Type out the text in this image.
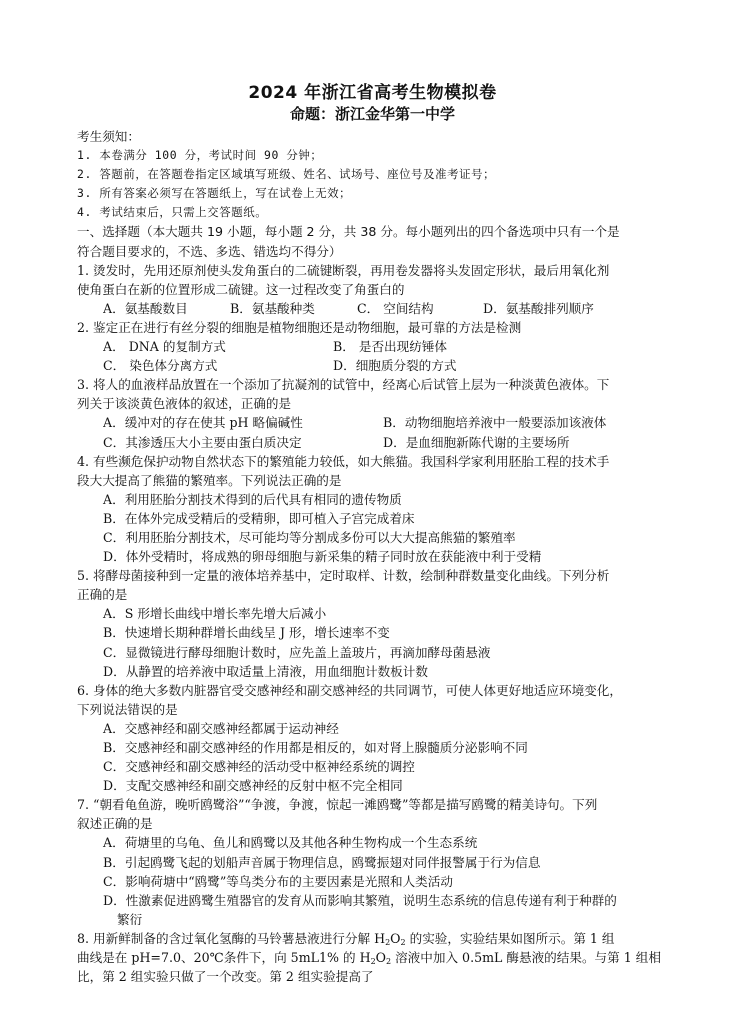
2024 年浙江省高考生物模拟卷
命题：浙江金华第一中学
考生须知：
1. 本卷满分 100 分，考试时间 90 分钟；
2. 答题前，在答题卷指定区域填写班级、姓名、试场号、座位号及准考证号；
3. 所有答案必须写在答题纸上，写在试卷上无效；
4. 考试结束后，只需上交答题纸。
一、选择题（本大题共 19 小题，每小题 2 分，共 38 分。每小题列出的四个备选项中只有一个是
符合题目要求的，不选、多选、错选均不得分）
1. 烫发时，先用还原剂使头发角蛋白的二硫键断裂，再用卷发器将头发固定形状，最后用氧化剂
使角蛋白在新的位置形成二硫键。这一过程改变了角蛋白的
A．氨基酸数目	B．氨基酸种类	C． 空间结构	D．氨基酸排列顺序
2. 鉴定正在进行有丝分裂的细胞是植物细胞还是动物细胞，最可靠的方法是检测
A． DNA 的复制方式	B． 是否出现纺锤体
C． 染色体分离方式	D．细胞质分裂的方式
3. 将人的血液样品放置在一个添加了抗凝剂的试管中，经离心后试管上层为一种淡黄色液体。下
列关于该淡黄色液体的叙述，正确的是
A．缓冲对的存在使其 pH 略偏碱性	B．动物细胞培养液中一般要添加该液体
C．其渗透压大小主要由蛋白质决定	D．是血细胞新陈代谢的主要场所
4. 有些濒危保护动物自然状态下的繁殖能力较低，如大熊猫。我国科学家利用胚胎工程的技术手
段大大提高了熊猫的繁殖率。下列说法正确的是
A．利用胚胎分割技术得到的后代具有相同的遗传物质
B．在体外完成受精后的受精卵，即可植入子宫完成着床
C．利用胚胎分割技术，尽可能均等分割成多份可以大大提高熊猫的繁殖率
D．体外受精时，将成熟的卵母细胞与新采集的精子同时放在获能液中利于受精
5. 将酵母菌接种到一定量的液体培养基中，定时取样、计数，绘制种群数量变化曲线。下列分析
正确的是
A．S 形增长曲线中增长率先增大后减小
B．快速增长期种群增长曲线呈 J 形，增长速率不变
C．显微镜进行酵母细胞计数时，应先盖上盖玻片，再滴加酵母菌悬液
D．从静置的培养液中取适量上清液，用血细胞计数板计数
6. 身体的绝大多数内脏器官受交感神经和副交感神经的共同调节，可使人体更好地适应环境变化，
下列说法错误的是
A．交感神经和副交感神经都属于运动神经
B．交感神经和副交感神经的作用都是相反的，如对肾上腺髓质分泌影响不同
C．交感神经和副交感神经的活动受中枢神经系统的调控
D．支配交感神经和副交感神经的反射中枢不完全相同
7. “朝看龟鱼游，晚听鸥鹭浴”“争渡，争渡，惊起一滩鸥鹭”等都是描写鸥鹭的精美诗句。下列
叙述正确的是
A．荷塘里的乌龟、鱼儿和鸥鹭以及其他各种生物构成一个生态系统
B．引起鸥鹭飞起的划船声音属于物理信息，鸥鹭振翅对同伴报警属于行为信息
C．影响荷塘中“鸥鹭”等鸟类分布的主要因素是光照和人类活动
D．性激素促进鸥鹭生殖器官的发育从而影响其繁殖，说明生态系统的信息传递有利于种群的
繁衍
8. 用新鲜制备的含过氧化氢酶的马铃薯悬液进行分解 $H_2O_2$ 的实验，实验结果如图所示。第 1 组
曲线是在 pH=7.0、20℃条件下，向 5mL1% 的 $H_2O_2$ 溶液中加入 0.5mL 酶悬液的结果。与第 1 组相
比，第 2 组实验只做了一个改变。第 2 组实验提高了
